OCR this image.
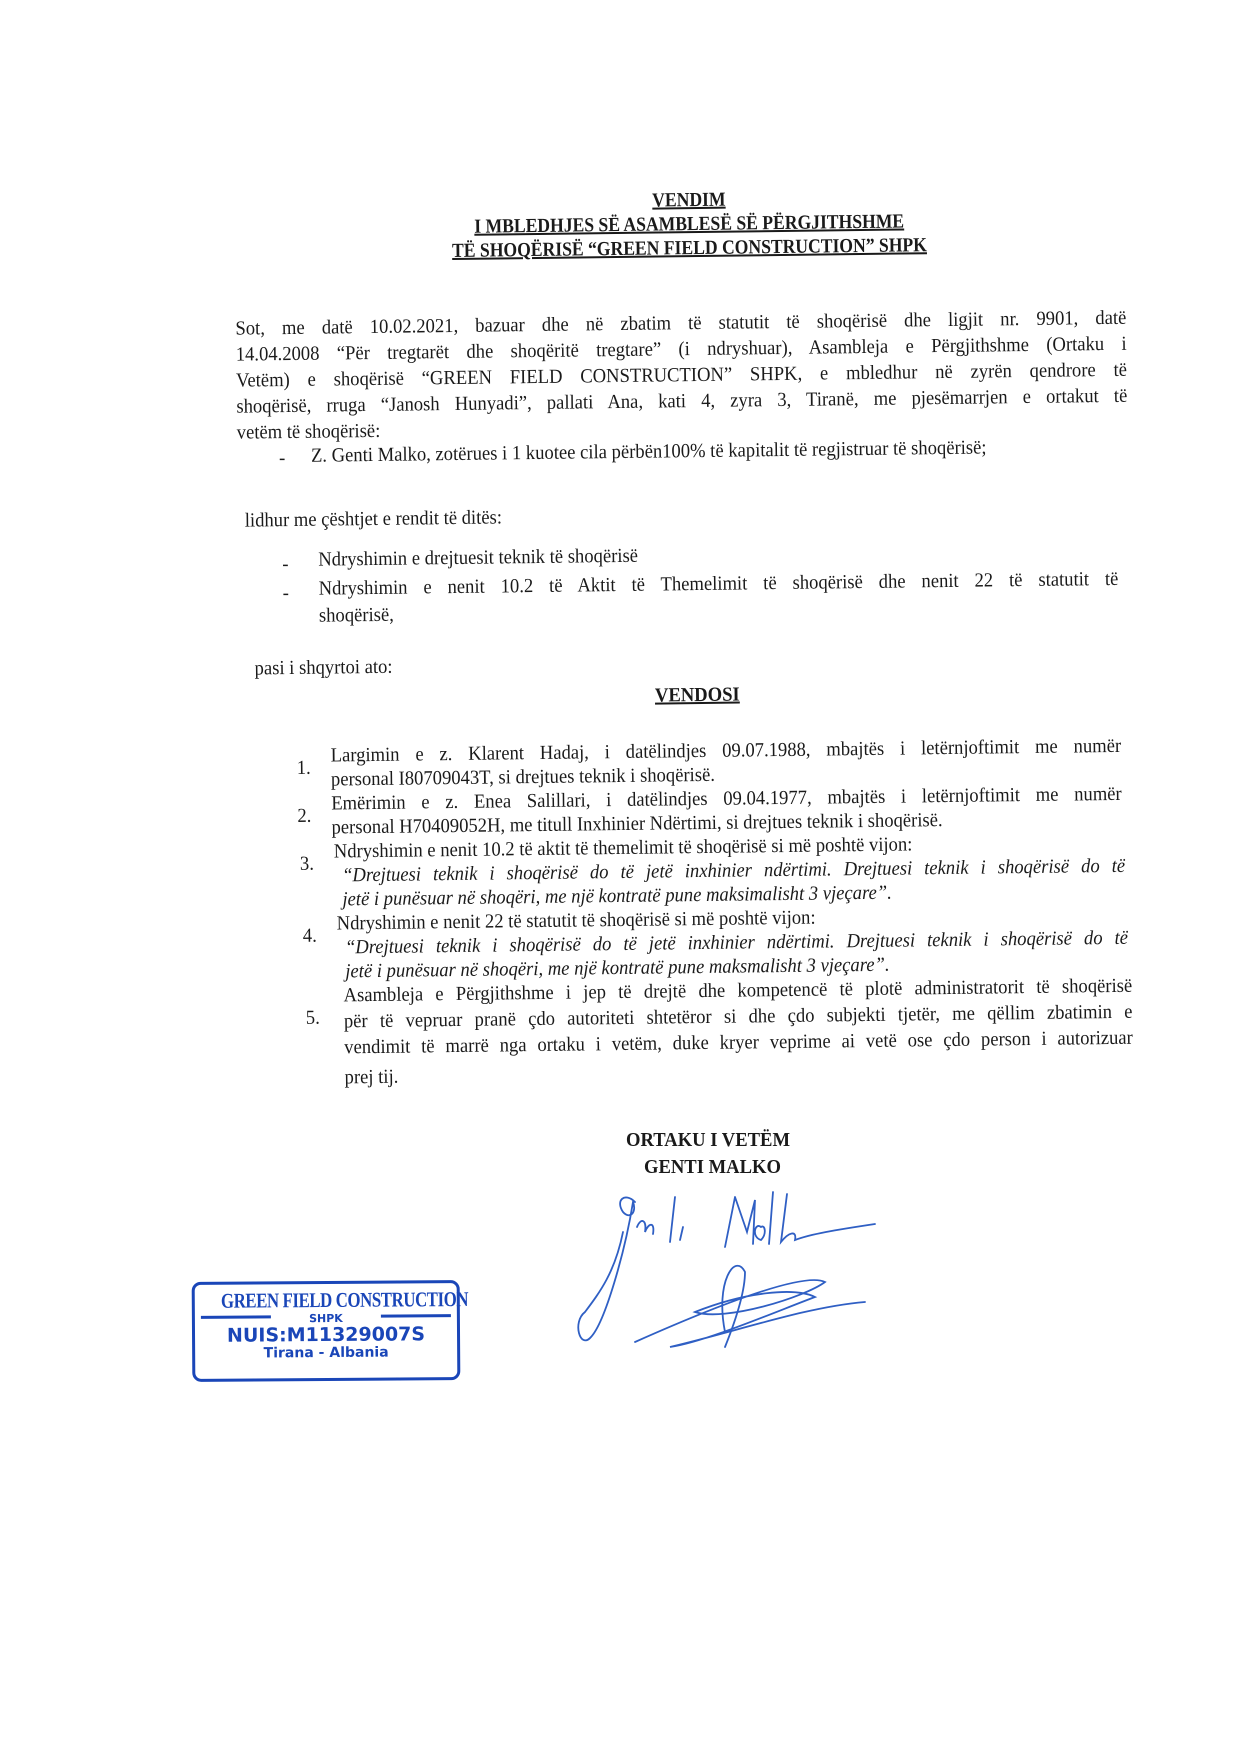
VENDIM
I MBLEDHJES SË ASAMBLESË SË PËRGJITHSHME
TË SHOQËRISË “GREEN FIELD CONSTRUCTION” SHPK
Sot, me datë 10.02.2021, bazuar dhe në zbatim të statutit të shoqërisë dhe ligjit nr. 9901, datë
14.04.2008 “Për tregtarët dhe shoqëritë tregtare” (i ndryshuar), Asambleja e Përgjithshme (Ortaku i
Vetëm) e shoqërisë “GREEN FIELD CONSTRUCTION” SHPK, e mbledhur në zyrën qendrore të
shoqërisë, rruga “Janosh Hunyadi”, pallati Ana, kati 4, zyra 3, Tiranë, me pjesëmarrjen e ortakut të
vetëm të shoqërisë:
- Z. Genti Malko, zotërues i 1 kuotee cila përbën100% të kapitalit të regjistruar të shoqërisë;
lidhur me çështjet e rendit të ditës:
- Ndryshimin e drejtuesit teknik të shoqërisë
- Ndryshimin e nenit 10.2 të Aktit të Themelimit të shoqërisë dhe nenit 22 të statutit të
shoqërisë,
pasi i shqyrtoi ato:
VENDOSI
1.
Largimin e z. Klarent Hadaj, i datëlindjes 09.07.1988, mbajtës i letërnjoftimit me numër
personal I80709043T, si drejtues teknik i shoqërisë.
2.
Emërimin e z. Enea Salillari, i datëlindjes 09.04.1977, mbajtës i letërnjoftimit me numër
personal H70409052H, me titull Inxhinier Ndërtimi, si drejtues teknik i shoqërisë.
3.
Ndryshimin e nenit 10.2 të aktit të themelimit të shoqërisë si më poshtë vijon:
“Drejtuesi teknik i shoqërisë do të jetë inxhinier ndërtimi. Drejtuesi teknik i shoqërisë do të
jetë i punësuar në shoqëri, me një kontratë pune maksimalisht 3 vjeçare”.
4.
Ndryshimin e nenit 22 të statutit të shoqërisë si më poshtë vijon:
“Drejtuesi teknik i shoqërisë do të jetë inxhinier ndërtimi. Drejtuesi teknik i shoqërisë do të
jetë i punësuar në shoqëri, me një kontratë pune maksmalisht 3 vjeçare”.
5.
Asambleja e Përgjithshme i jep të drejtë dhe kompetencë të plotë administratorit të shoqërisë
për të vepruar pranë çdo autoriteti shtetëror si dhe çdo subjekti tjetër, me qëllim zbatimin e
vendimit të marrë nga ortaku i vetëm, duke kryer veprime ai vetë ose çdo person i autorizuar
prej tij.
ORTAKU I VETËM
GENTI MALKO
GREEN FIELD CONSTRUCTION
SHPK
NUIS:M11329007S
Tirana - Albania
